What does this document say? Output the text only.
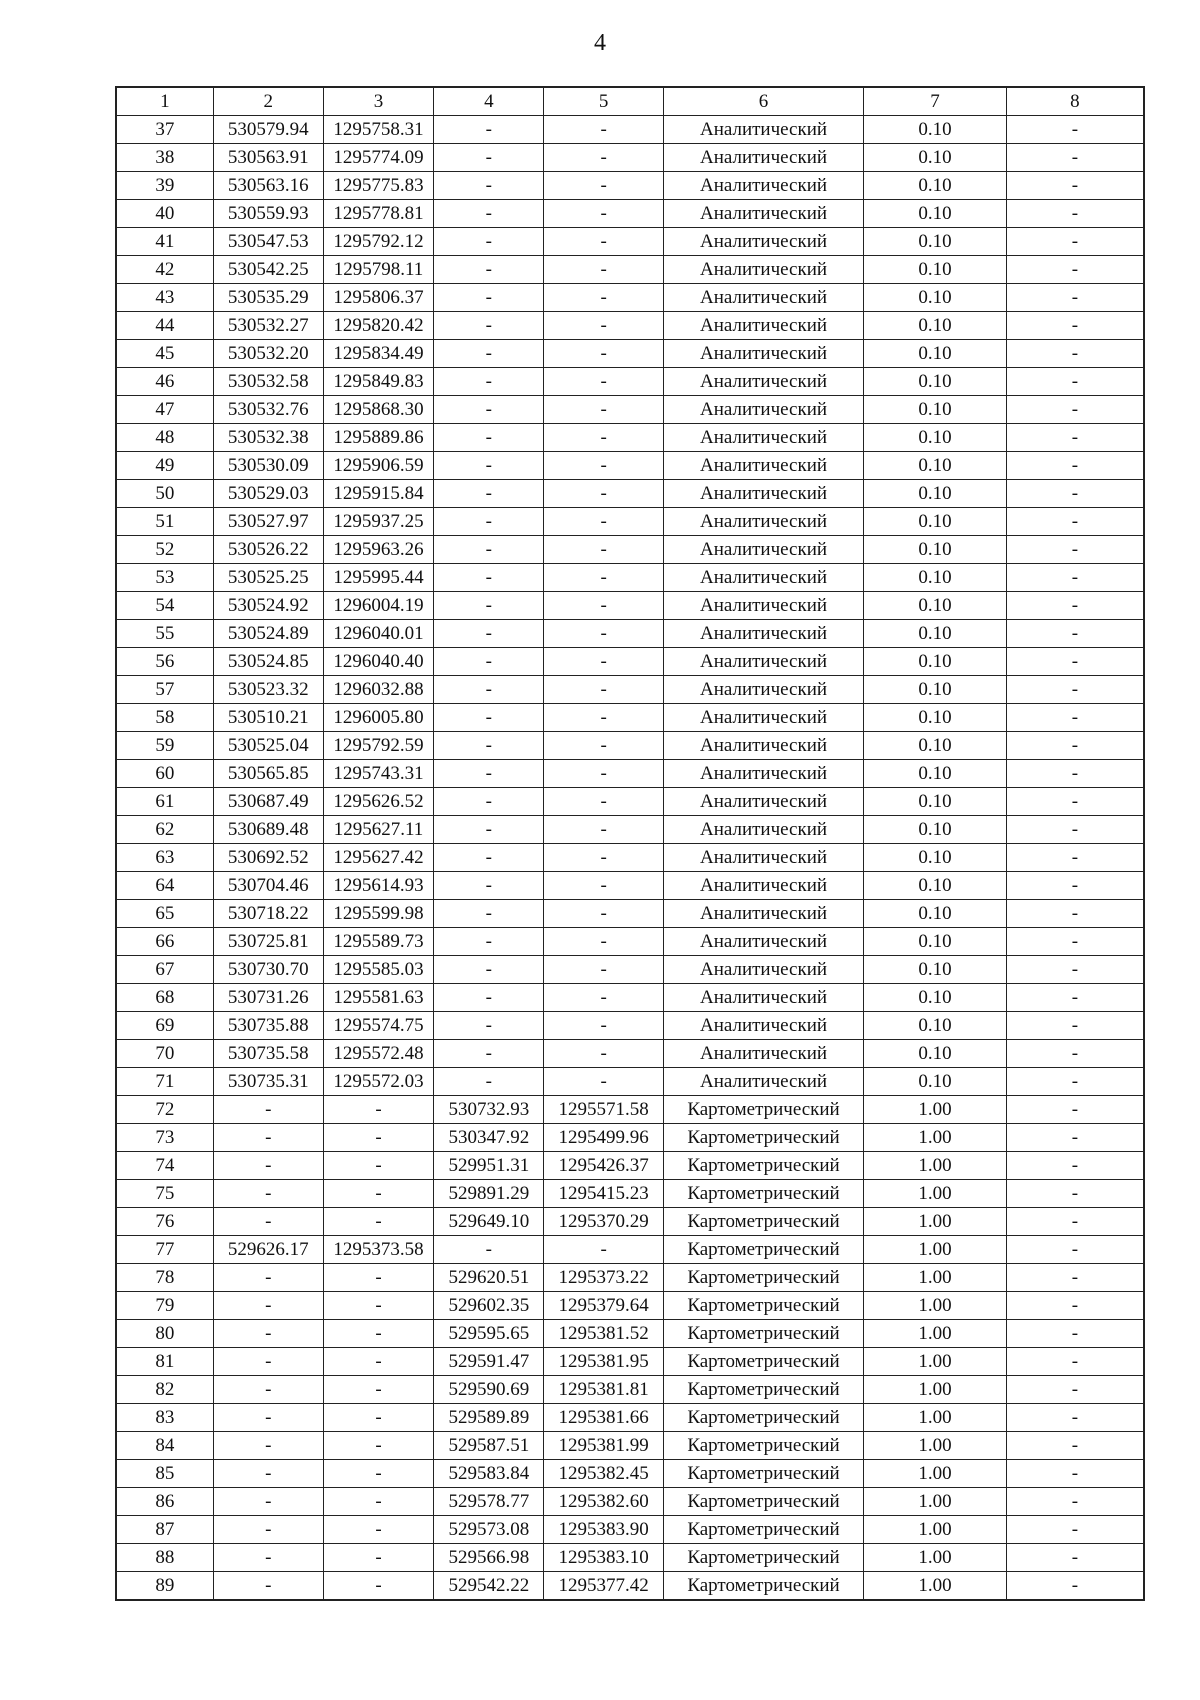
4
1	2	3	4	5	6	7	8
37	530579.94	1295758.31	-	-	Аналитический	0.10	-
38	530563.91	1295774.09	-	-	Аналитический	0.10	-
39	530563.16	1295775.83	-	-	Аналитический	0.10	-
40	530559.93	1295778.81	-	-	Аналитический	0.10	-
41	530547.53	1295792.12	-	-	Аналитический	0.10	-
42	530542.25	1295798.11	-	-	Аналитический	0.10	-
43	530535.29	1295806.37	-	-	Аналитический	0.10	-
44	530532.27	1295820.42	-	-	Аналитический	0.10	-
45	530532.20	1295834.49	-	-	Аналитический	0.10	-
46	530532.58	1295849.83	-	-	Аналитический	0.10	-
47	530532.76	1295868.30	-	-	Аналитический	0.10	-
48	530532.38	1295889.86	-	-	Аналитический	0.10	-
49	530530.09	1295906.59	-	-	Аналитический	0.10	-
50	530529.03	1295915.84	-	-	Аналитический	0.10	-
51	530527.97	1295937.25	-	-	Аналитический	0.10	-
52	530526.22	1295963.26	-	-	Аналитический	0.10	-
53	530525.25	1295995.44	-	-	Аналитический	0.10	-
54	530524.92	1296004.19	-	-	Аналитический	0.10	-
55	530524.89	1296040.01	-	-	Аналитический	0.10	-
56	530524.85	1296040.40	-	-	Аналитический	0.10	-
57	530523.32	1296032.88	-	-	Аналитический	0.10	-
58	530510.21	1296005.80	-	-	Аналитический	0.10	-
59	530525.04	1295792.59	-	-	Аналитический	0.10	-
60	530565.85	1295743.31	-	-	Аналитический	0.10	-
61	530687.49	1295626.52	-	-	Аналитический	0.10	-
62	530689.48	1295627.11	-	-	Аналитический	0.10	-
63	530692.52	1295627.42	-	-	Аналитический	0.10	-
64	530704.46	1295614.93	-	-	Аналитический	0.10	-
65	530718.22	1295599.98	-	-	Аналитический	0.10	-
66	530725.81	1295589.73	-	-	Аналитический	0.10	-
67	530730.70	1295585.03	-	-	Аналитический	0.10	-
68	530731.26	1295581.63	-	-	Аналитический	0.10	-
69	530735.88	1295574.75	-	-	Аналитический	0.10	-
70	530735.58	1295572.48	-	-	Аналитический	0.10	-
71	530735.31	1295572.03	-	-	Аналитический	0.10	-
72	-	-	530732.93	1295571.58	Картометрический	1.00	-
73	-	-	530347.92	1295499.96	Картометрический	1.00	-
74	-	-	529951.31	1295426.37	Картометрический	1.00	-
75	-	-	529891.29	1295415.23	Картометрический	1.00	-
76	-	-	529649.10	1295370.29	Картометрический	1.00	-
77	529626.17	1295373.58	-	-	Картометрический	1.00	-
78	-	-	529620.51	1295373.22	Картометрический	1.00	-
79	-	-	529602.35	1295379.64	Картометрический	1.00	-
80	-	-	529595.65	1295381.52	Картометрический	1.00	-
81	-	-	529591.47	1295381.95	Картометрический	1.00	-
82	-	-	529590.69	1295381.81	Картометрический	1.00	-
83	-	-	529589.89	1295381.66	Картометрический	1.00	-
84	-	-	529587.51	1295381.99	Картометрический	1.00	-
85	-	-	529583.84	1295382.45	Картометрический	1.00	-
86	-	-	529578.77	1295382.60	Картометрический	1.00	-
87	-	-	529573.08	1295383.90	Картометрический	1.00	-
88	-	-	529566.98	1295383.10	Картометрический	1.00	-
89	-	-	529542.22	1295377.42	Картометрический	1.00	-
